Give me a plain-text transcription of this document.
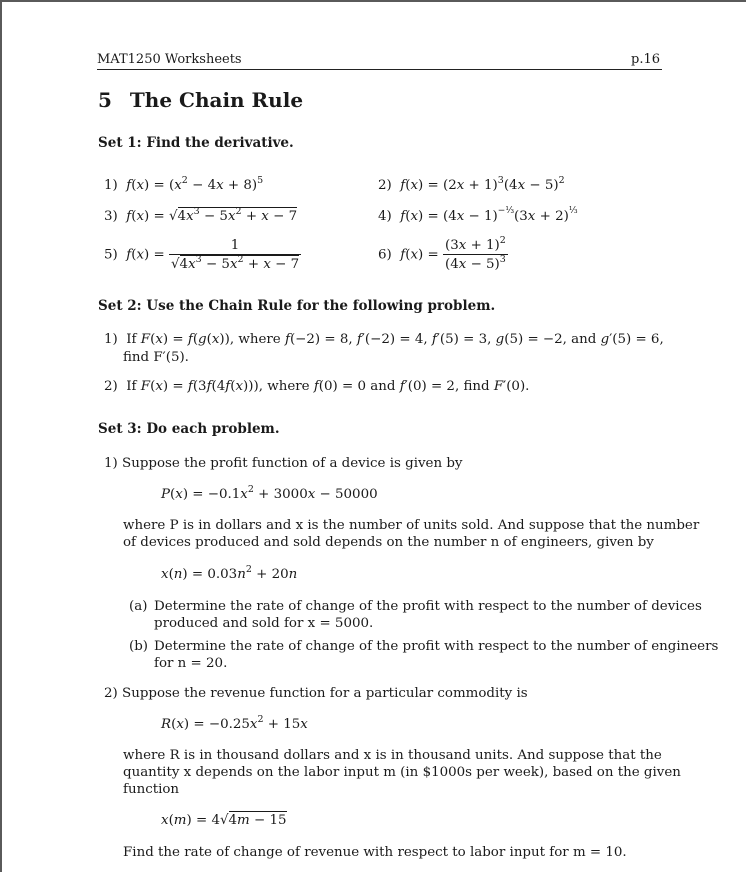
MAT1250 Worksheets	p.16
5 The Chain Rule
Set 1: Find the derivative.
1)  $f(x) = (x^2 - 4x + 8)^5$	2)  $f(x) = (2x + 1)^3(4x - 5)^2$
3)  $f(x) = √4x^3 - 5x^2 + x - 7$	4)  $f(x) = (4x - 1)^{-\frac{1}{3}}(3x + 2)^{\frac{1}{3}}$
5)  $f(x) = \frac{1}{√4x^3 - 5x^2 + x - 7}$	6)  $f(x) = \frac{(3x + 1)^2}{(4x - 5)^3}$
Set 2: Use the Chain Rule for the following problem.
1)  If F(x) = f(g(x)), where f(−2) = 8, f′(−2) = 4, f′(5) = 3, g(5) = −2, and g′(5) = 6,
find F′(5).
2)  If F(x) = f(3f(4f(x))), where f(0) = 0 and f′(0) = 2, find F′(0).
Set 3: Do each problem.
1) Suppose the profit function of a device is given by
$P(x) = -0.1x^2 + 3000x - 50000$
where P is in dollars and x is the number of units sold. And suppose that the number
of devices produced and sold depends on the number n of engineers, given by
$x(n) = 0.03n^2 + 20n$
(a) Determine the rate of change of the profit with respect to the number of devices
produced and sold for x = 5000.
(b) Determine the rate of change of the profit with respect to the number of engineers
for n = 20.
2) Suppose the revenue function for a particular commodity is
$R(x) = -0.25x^2 + 15x$
where R is in thousand dollars and x is in thousand units. And suppose that the
quantity x depends on the labor input m (in $1000s per week), based on the given
function
x(m) = 4√4m − 15
Find the rate of change of revenue with respect to labor input for m = 10.
